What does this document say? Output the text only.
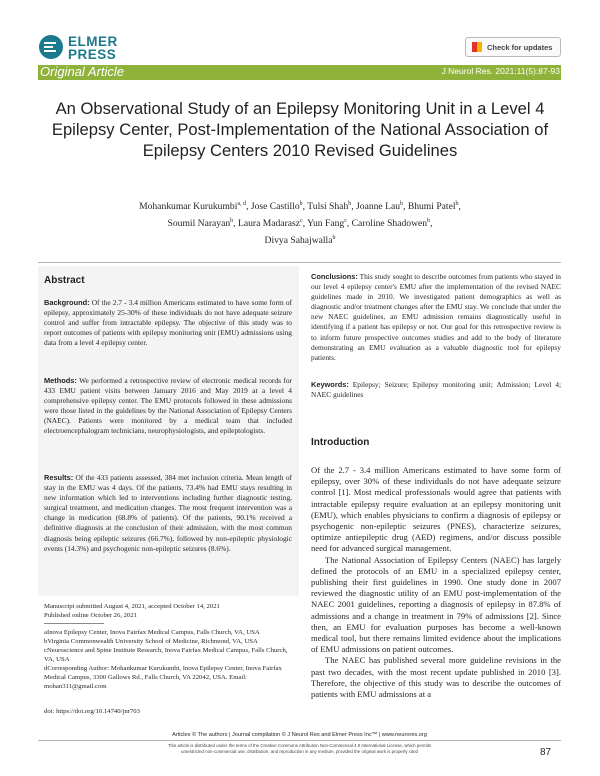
ELMER
PRESS	Check for updates
Original Article	J Neurol Res. 2021;11(5):87-93
An Observational Study of an Epilepsy Monitoring Unit in a Level 4 Epilepsy Center, Post-Implementation of the National Association of Epilepsy Centers 2010 Revised Guidelines
Mohankumar Kurukumbi$^{a, d}$, Jose Castillo$^b$, Tulsi Shah$^b$, Joanne Lau$^b$, Bhumi Patel$^b$,
Soumil Narayan$^b$, Laura Madarasz$^c$, Yun Fang$^c$, Caroline Shadowen$^b$,
Divya Sahajwalla$^b$
Abstract
Background: Of the 2.7 - 3.4 million Americans estimated to have some form of epilepsy, approximately 25-30% of these individuals do not have adequate seizure control and suffer from intractable epilepsy. The objective of this study was to report outcomes of patients with epilepsy monitoring unit (EMU) admissions using data from a level 4 epilepsy center.
Methods: We performed a retrospective review of electronic medical records for 433 EMU patient visits between January 2016 and May 2019 at a level 4 comprehensive epilepsy center. The EMU protocols followed in these admissions were those listed in the guidelines by the National Association of Epilepsy Centers (NAEC). Patients were monitored by a medical team that included electroencephalogram technicians, neurophysiologists, and epileptologists.
Results: Of the 433 patients assessed, 384 met inclusion criteria. Mean length of stay in the EMU was 4 days. Of the patients, 73.4% had EMU stays resulting in new information which led to interventions including further diagnostic testing, surgical treatment, and medication changes. The most frequent intervention was a change in medication (68.8% of patients). Of the patients, 90.1% received a definitive diagnosis at the conclusion of their admission, with the most common diagnosis being epileptic seizures (66.7%), followed by non-epileptic physiologic events (14.3%) and psychogenic non-epileptic seizures (8.6%).
Conclusions: This study sought to describe outcomes from patients who stayed in our level 4 epilepsy center's EMU after the implementation of the revised NAEC guidelines made in 2010. We investigated patient demographics as well as diagnostic and/or treatment changes after the EMU stay. We conclude that under the new NAEC guidelines, an EMU admission remains diagnostically useful in identifying if a patient has epilepsy or not. Our goal for this retrospective review is to inform future prospective outcomes studies and add to the body of literature demonstrating an EMU evaluation as a valuable diagnostic tool for epilepsy patients.
Keywords: Epilepsy; Seizure; Epilepsy monitoring unit; Admission; Level 4; NAEC guidelines
Manuscript submitted August 4, 2021, accepted October 14, 2021
Published online October 26, 2021
aInova Epilepsy Center, Inova Fairfax Medical Campus, Falls Church, VA, USA
bVirginia Commonwealth University School of Medicine, Richmond, VA, USA
cNeuroscience and Spine Institute Research, Inova Fairfax Medical Campus, Falls Church, VA, USA
dCorresponding Author: Mohankumar Kurukumbi, Inova Epilepsy Center, Inova Fairfax Medical Campus, 3300 Gallows Rd., Falls Church, VA 22042, USA. Email: mohan311@gmail.com
doi: https://doi.org/10.14740/jnr703
Introduction

Of the 2.7 - 3.4 million Americans estimated to have some form of epilepsy, over 30% of these individuals do not have adequate seizure control [1]. Most medical professionals would agree that patients with intractable epilepsy require evaluation at an epilepsy monitoring unit (EMU), which enables physicians to confirm a diagnosis of epilepsy or psychogenic non-epileptic seizures (PNES), characterize seizures, optimize antiepileptic drug (AED) regimens, and/or discuss possible need for advanced surgical management.

The National Association of Epilepsy Centers (NAEC) has largely defined the protocols of an EMU in a specialized epilepsy center, publishing their first guidelines in 1990. One study done in 2007 reviewed the diagnostic utility of an EMU post-implementation of the NAEC 2001 guidelines, reporting a diagnosis of epilepsy in 87.8% of admissions and a change in treatment in 79% of admissions [2]. Since then, an EMU for evaluation purposes has become a well-known medical tool, but there remains limited evidence about the implications of EMU admissions on patient outcomes.

The NAEC has published several more guideline revisions in the past two decades, with the most recent update published in 2010 [3]. Therefore, the objective of this study was to describe the outcomes of patients with EMU admissions at a

Articles © The authors | Journal compilation © J Neurol Res and Elmer Press Inc™ | www.neurores.org
This article is distributed under the terms of the Creative Commons Attribution Non-Commercial 4.0 International License, which permits
unrestricted non-commercial use, distribution, and reproduction in any medium, provided the original work is properly cited	87
